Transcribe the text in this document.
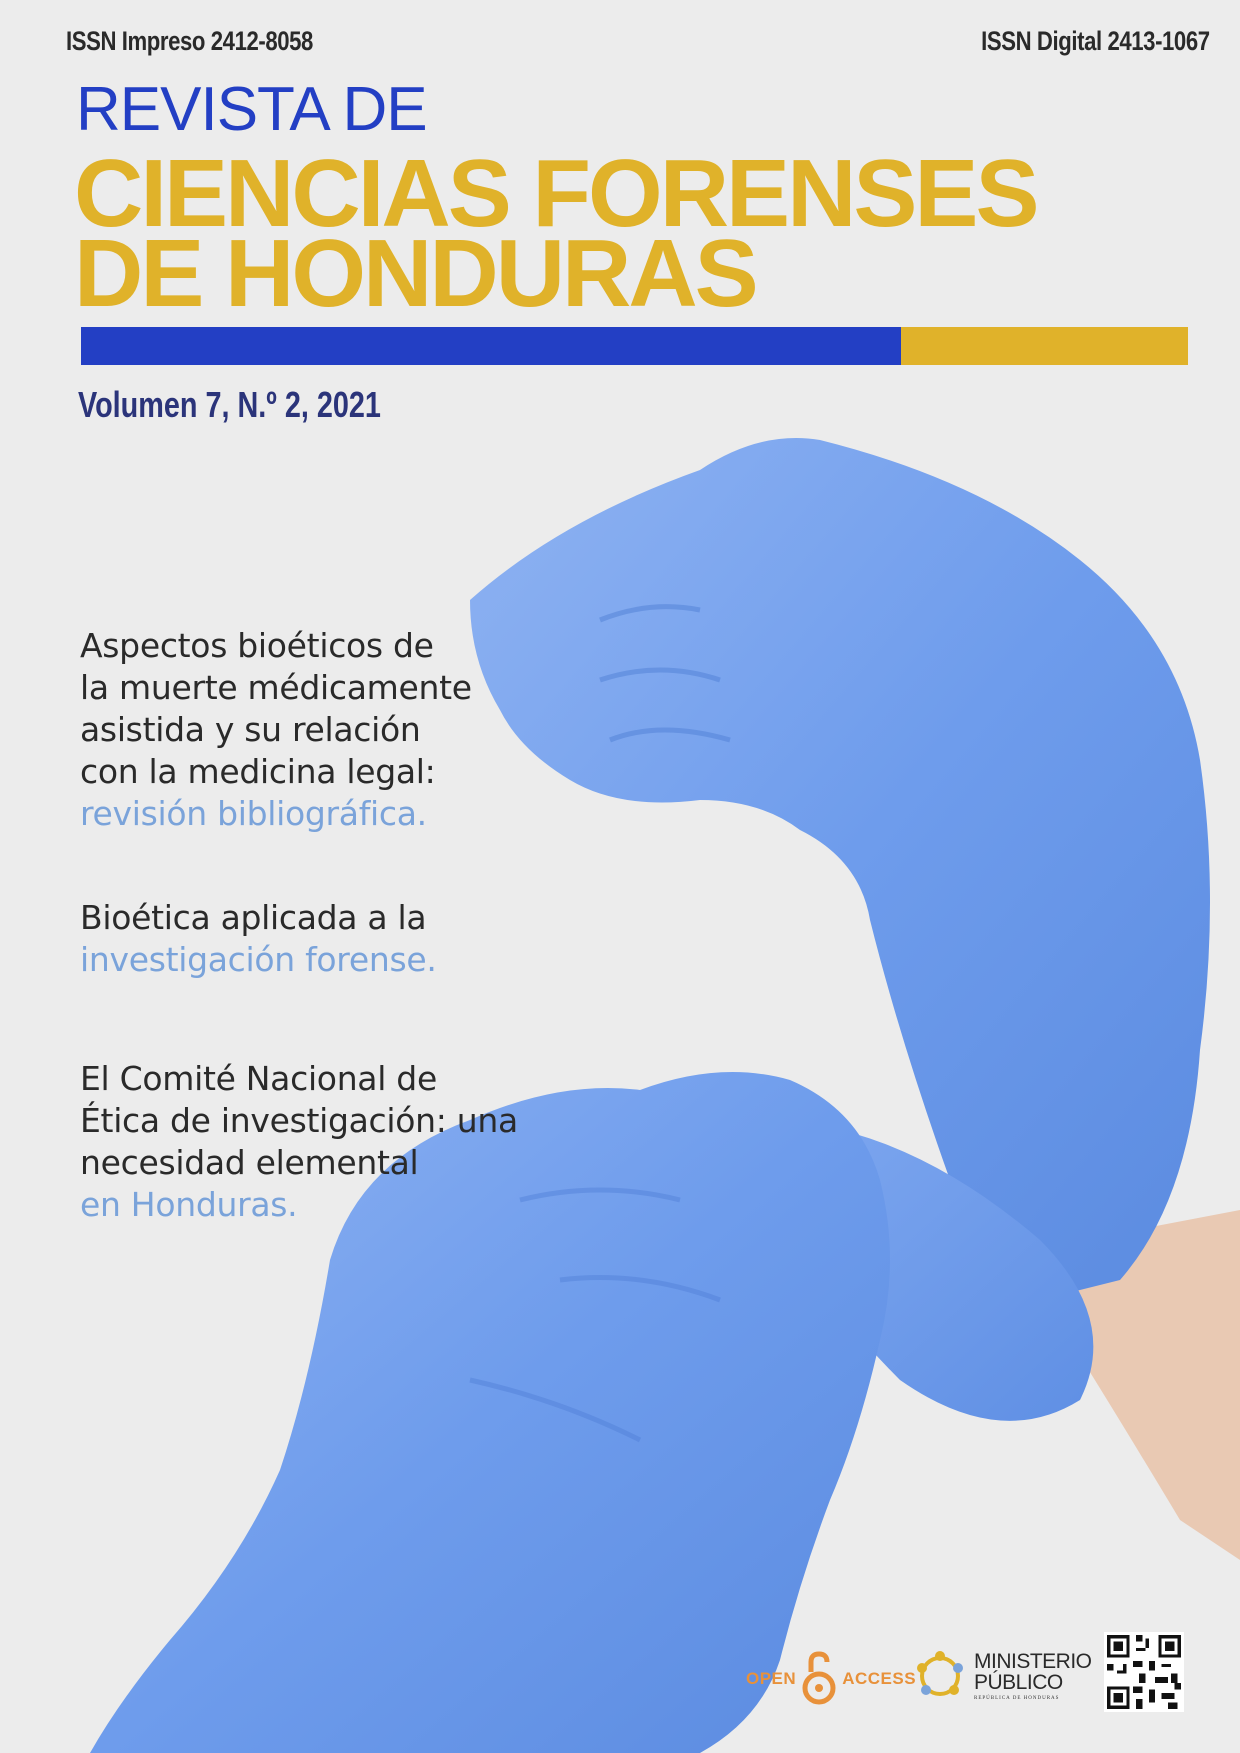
ISSN Impreso 2412-8058	ISSN Digital 2413-1067
REVISTA DE
CIENCIAS FORENSES
DE HONDURAS
Volumen 7, N.º 2, 2021
Aspectos bioéticos de
la muerte médicamente
asistida y su relación
con la medicina legal:
revisión bibliográfica.
Bioética aplicada a la
investigación forense.
El Comité Nacional de
Ética de investigación: una
necesidad elemental
en Honduras.
OPEN	ACCESS
MINISTERIO
PÚBLICO
REPÚBLICA DE HONDURAS
